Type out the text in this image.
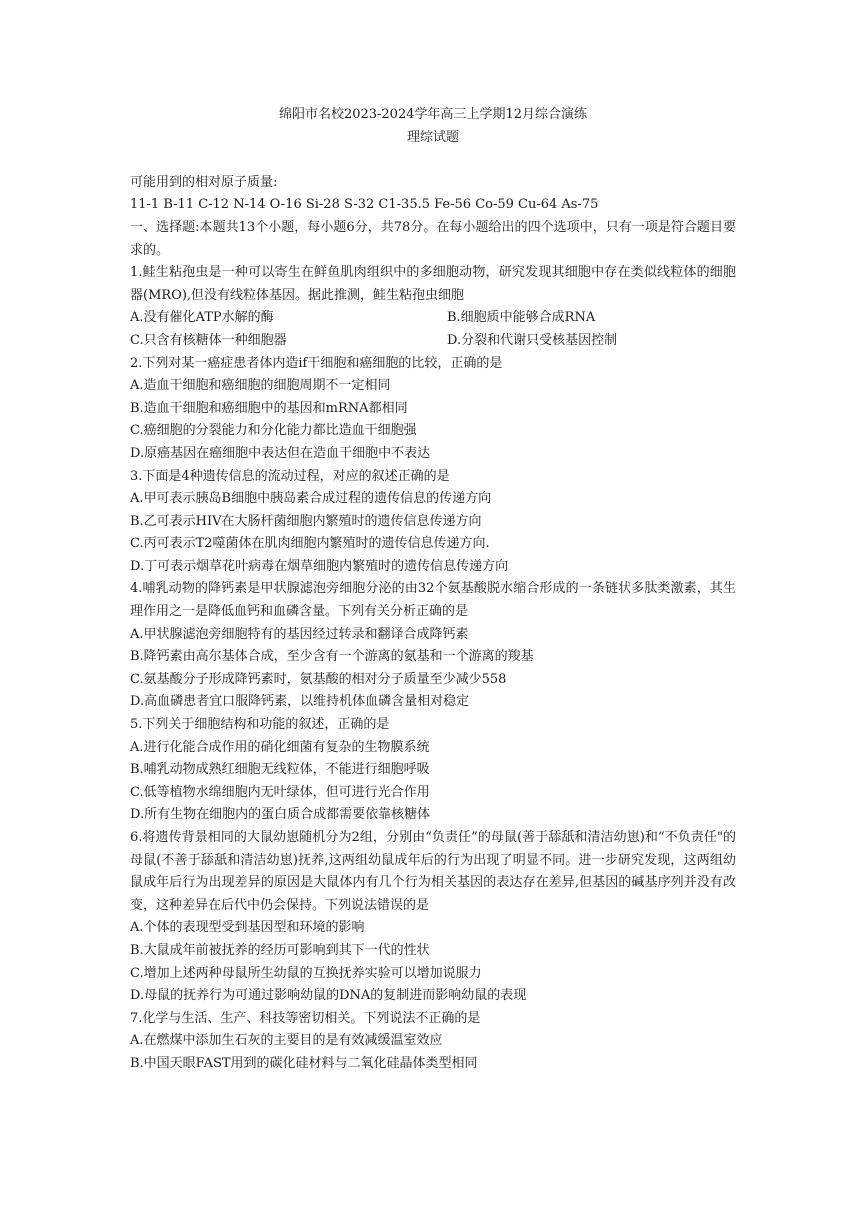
绵阳市名校2023-2024学年高三上学期12月综合演练
理综试题
可能用到的相对原子质量:
11-1 B-11 C-12 N-14 O-16 Si-28 S-32 C1-35.5 Fe-56 Co-59 Cu-64 As-75
一、选择题:本题共13个小题，每小题6分，共78分。在每小题给出的四个选项中，只有一项是符合题目要求的。
1.鲑生粘孢虫是一种可以寄生在鲜鱼肌肉组织中的多细胞动物，研究发现其细胞中存在类似线粒体的细胞器(MRO),但没有线粒体基因。据此推测，鲑生粘孢虫细胞
A.没有催化ATP水解的酶	B.细胞质中能够合成RNA
C.只含有核糖体一种细胞器	D.分裂和代谢只受核基因控制
2.下列对某一癌症患者体内造if干细胞和癌细胞的比较，正确的是
A.造血干细胞和癌细胞的细胞周期不一定相同
B.造血干细胞和癌细胞中的基因和mRNA都相同
C.癌细胞的分裂能力和分化能力都比造血干细胞强
D.原癌基因在癌细胞中表达但在造血干细胞中不表达
3.下面是4种遗传信息的流动过程，对应的叙述正确的是
A.甲可表示胰岛B细胞中胰岛素合成过程的遗传信息的传递方向
B.乙可表示HIV在大肠杆菌细胞内繁殖时的遗传信息传递方向
C.丙可表示T2噬菌体在肌肉细胞内繁殖时的遗传信息传递方向.
D.丁可表示烟草花叶病毒在烟草细胞内繁殖时的遗传信息传递方向
4.哺乳动物的降钙素是甲状腺滤泡旁细胞分泌的由32个氨基酸脱水缩合形成的一条链状多肽类激素，其生理作用之一是降低血钙和血磷含量。下列有关分析正确的是
A.甲状腺滤泡旁细胞特有的基因经过转录和翻译合成降钙素
B.降钙素由高尔基体合成，至少含有一个游离的氨基和一个游离的羧基
C.氨基酸分子形成降钙素时，氨基酸的相对分子质量至少减少558
D.高血磷患者宜口服降钙素，以维持机体血磷含量相对稳定
5.下列关于细胞结构和功能的叙述，正确的是
A.进行化能合成作用的硝化细菌有复杂的生物膜系统
B.哺乳动物成熟红细胞无线粒体，不能进行细胞呼吸
C.低等植物水绵细胞内无叶绿体，但可进行光合作用
D.所有生物在细胞内的蛋白质合成都需要依靠核糖体
6.将遗传背景相同的大鼠幼崽随机分为2组，分别由“负责任”的母鼠(善于舔舐和清洁幼崽)和“不负责任"的母鼠(不善于舔舐和清洁幼崽)抚养,这两组幼鼠成年后的行为出现了明显不同。进一步研究发现，这两组幼鼠成年后行为出现差异的原因是大鼠体内有几个行为相关基因的表达存在差异,但基因的碱基序列并没有改变，这种差异在后代中仍会保持。下列说法错误的是
A.个体的表现型受到基因型和环境的影响
B.大鼠成年前被抚养的经历可影响到其下一代的性状
C.增加上述两种母鼠所生幼鼠的互换抚养实验可以增加说服力
D.母鼠的抚养行为可通过影响幼鼠的DNA的复制进而影响幼鼠的表现
7.化学与生活、生产、科技等密切相关。下列说法不正确的是
A.在燃煤中添加生石灰的主要目的是有效减缓温室效应
B.中国天眼FAST用到的碳化硅材料与二氧化硅晶体类型相同
